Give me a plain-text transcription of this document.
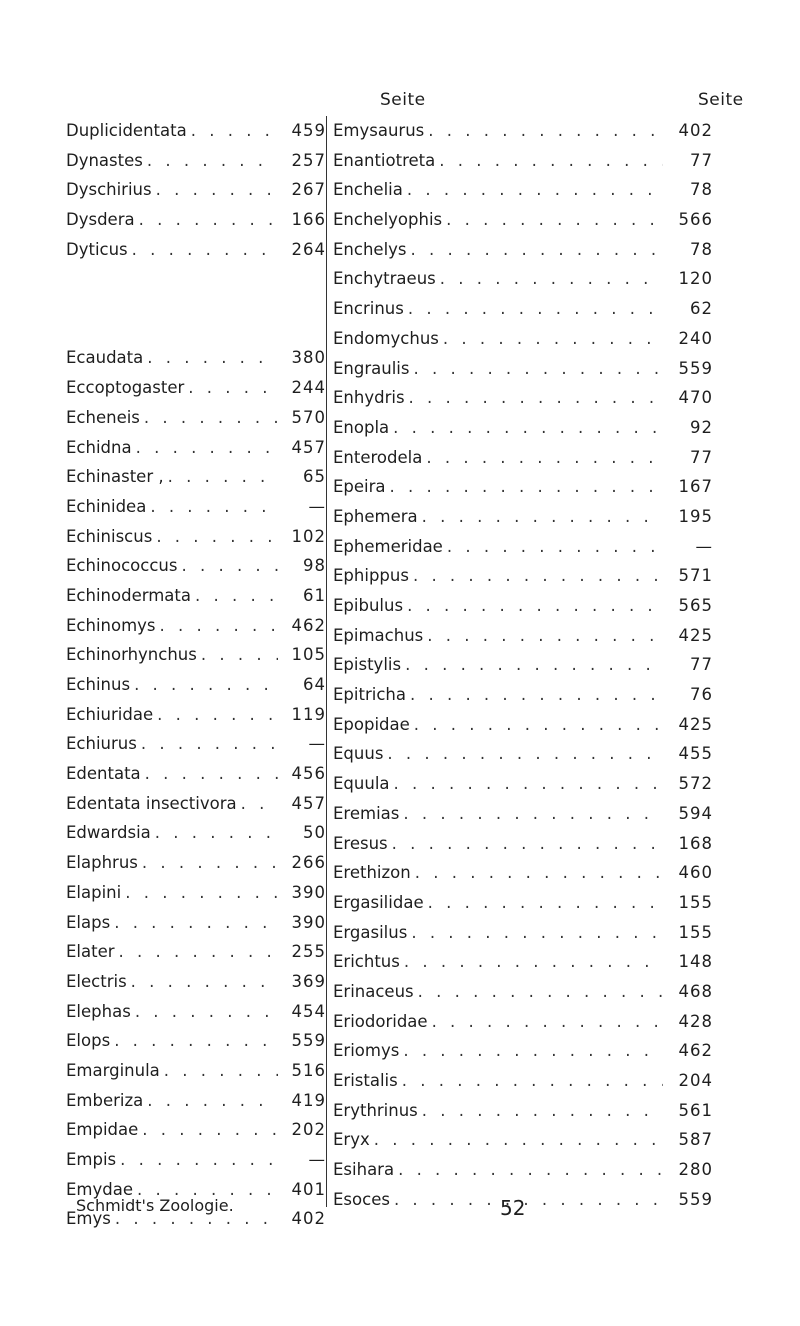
Seite	Seite
Duplicidentata . . .	459
Dynastes . . .	257
Dyschirius . . .	267
Dysdera . . .	166
Dyticus . . .	264
Ecaudata . . .	380
Eccoptogaster . . .	244
Echeneis . . .	570
Echidna . . .	457
Echinaster , . . .	65
Echinidea . . .	—
Echiniscus . . .	102
Echinococcus . . .	98
Echinodermata . . .	61
Echinomys . . .	462
Echinorhynchus . . .	105
Echinus . . .	64
Echiuridae . . .	119
Echiurus . . .	—
Edentata . . .	456
Edentata insectivora . . .	457
Edwardsia . . .	50
Elaphrus . . .	266
Elapini . . .	390
Elaps . . .	390
Elater . . .	255
Electris . . .	369
Elephas . . .	454
Elops . . .	559
Emarginula . . .	516
Emberiza . . .	419
Empidae . . .	202
Empis . . .	—
Emydae . . .	401
Emys . . .	402
Emysaurus . . .	402
Enantiotreta . . .	77
Enchelia . . .	78
Enchelyophis . . .	566
Enchelys . . .	78
Enchytraeus . . .	120
Encrinus . . .	62
Endomychus . . .	240
Engraulis . . .	559
Enhydris . . .	470
Enopla . . .	92
Enterodela . . .	77
Epeira . . .	167
Ephemera . . .	195
Ephemeridae . . .	—
Ephippus . . .	571
Epibulus . . .	565
Epimachus . . .	425
Epistylis . . .	77
Epitricha . . .	76
Epopidae . . .	425
Equus . . .	455
Equula . . .	572
Eremias . . .	594
Eresus . . .	168
Erethizon . . .	460
Ergasilidae . . .	155
Ergasilus . . .	155
Erichtus . . .	148
Erinaceus . . .	468
Eriodoridae . . .	428
Eriomys . . .	462
Eristalis . . .	204
Erythrinus . . .	561
Eryx . . .	587
Esihara . . .	280
Esoces . . .	559
Schmidt's Zoologie.	52
